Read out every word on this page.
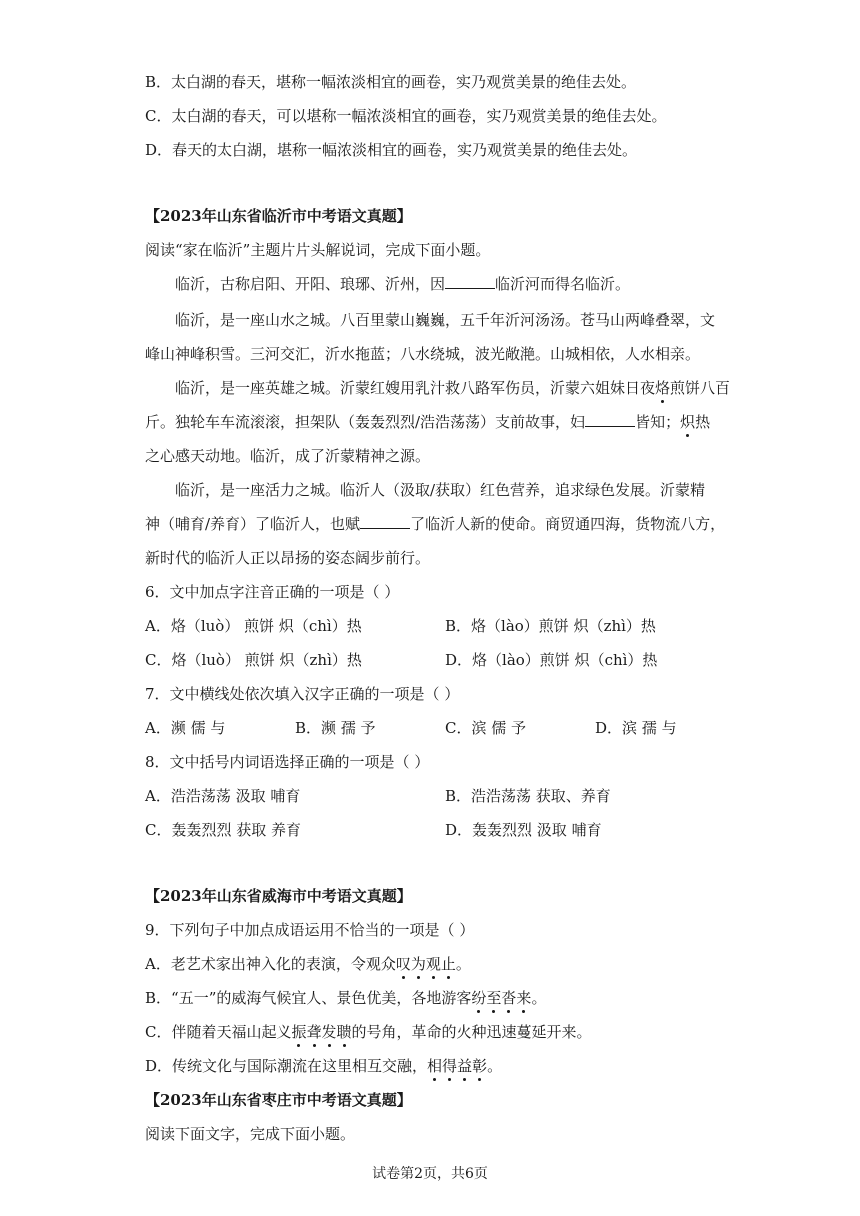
B．太白湖的春天，堪称一幅浓淡相宜的画卷，实乃观赏美景的绝佳去处。
C．太白湖的春天，可以堪称一幅浓淡相宜的画卷，实乃观赏美景的绝佳去处。
D．春天的太白湖，堪称一幅浓淡相宜的画卷，实乃观赏美景的绝佳去处。
【2023年山东省临沂市中考语文真题】
阅读“家在临沂”主题片片头解说词，完成下面小题。
临沂，古称启阳、开阳、琅琊、沂州，因	临沂河而得名临沂。
临沂，是一座山水之城。八百里蒙山巍巍，五千年沂河汤汤。苍马山两峰叠翠，文
峰山神峰积雪。三河交汇，沂水拖蓝；八水绕城，波光敞滟。山城相依，人水相亲。
临沂，是一座英雄之城。沂蒙红嫂用乳汁救八路军伤员，沂蒙六姐妹日夜烙煎饼八百
斤。独轮车车流滚滚，担架队（轰轰烈烈/浩浩荡荡）支前故事，妇	皆知；炽热
之心感天动地。临沂，成了沂蒙精神之源。
临沂，是一座活力之城。临沂人（汲取/获取）红色营养，追求绿色发展。沂蒙精
神（哺育/养育）了临沂人，也赋	了临沂人新的使命。商贸通四海，货物流八方，
新时代的临沂人正以昂扬的姿态阔步前行。
6．文中加点字注音正确的一项是（ ）
A．烙（luò） 煎饼 炽（chì）热	B．烙（lào）煎饼 炽（zhì）热
C．烙（luò） 煎饼 炽（zhì）热	D．烙（lào）煎饼 炽（chì）热
7．文中横线处依次填入汉字正确的一项是（ ）
A．濒 儒 与	B．濒 孺 予	C．滨 儒 予	D．滨 孺 与
8．文中括号内词语选择正确的一项是（ ）
A．浩浩荡荡 汲取 哺育	B．浩浩荡荡 获取、养育
C．轰轰烈烈 获取 养育	D．轰轰烈烈 汲取 哺育
【2023年山东省威海市中考语文真题】
9．下列句子中加点成语运用不恰当的一项是（ ）
A．老艺术家出神入化的表演，令观众叹为观止。
B．“五一”的威海气候宜人、景色优美，各地游客纷至沓来。
C．伴随着天福山起义振聋发聩的号角，革命的火种迅速蔓延开来。
D．传统文化与国际潮流在这里相互交融，相得益彰。
【2023年山东省枣庄市中考语文真题】
阅读下面文字，完成下面小题。
试卷第2页，共6页
